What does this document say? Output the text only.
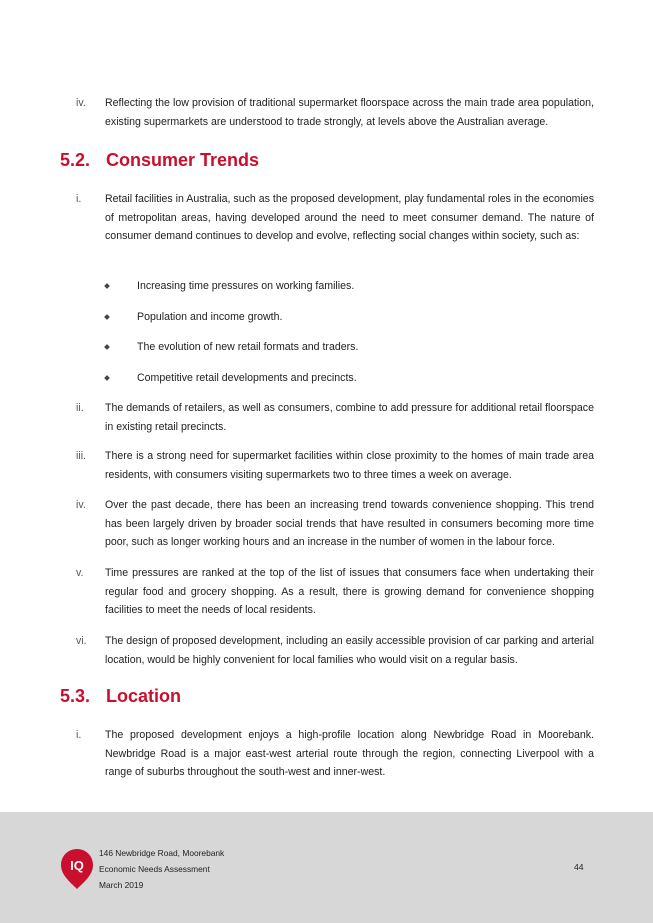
iv.	Reflecting the low provision of traditional supermarket floorspace across the main trade area population, existing supermarkets are understood to trade strongly, at levels above the Australian average.
5.2. Consumer Trends
i.	Retail facilities in Australia, such as the proposed development, play fundamental roles in the economies of metropolitan areas, having developed around the need to meet consumer demand. The nature of consumer demand continues to develop and evolve, reflecting social changes within society, such as:
Increasing time pressures on working families.
Population and income growth.
The evolution of new retail formats and traders.
Competitive retail developments and precincts.
ii.	The demands of retailers, as well as consumers, combine to add pressure for additional retail floorspace in existing retail precincts.
iii.	There is a strong need for supermarket facilities within close proximity to the homes of main trade area residents, with consumers visiting supermarkets two to three times a week on average.
iv.	Over the past decade, there has been an increasing trend towards convenience shopping. This trend has been largely driven by broader social trends that have resulted in consumers becoming more time poor, such as longer working hours and an increase in the number of women in the labour force.
v.	Time pressures are ranked at the top of the list of issues that consumers face when undertaking their regular food and grocery shopping. As a result, there is growing demand for convenience shopping facilities to meet the needs of local residents.
vi.	The design of proposed development, including an easily accessible provision of car parking and arterial location, would be highly convenient for local families who would visit on a regular basis.
5.3. Location
i.	The proposed development enjoys a high-profile location along Newbridge Road in Moorebank. Newbridge Road is a major east-west arterial route through the region, connecting Liverpool with a range of suburbs throughout the south-west and inner-west.
IQ
146 Newbridge Road, Moorebank
Economic Needs Assessment
March 2019
44
